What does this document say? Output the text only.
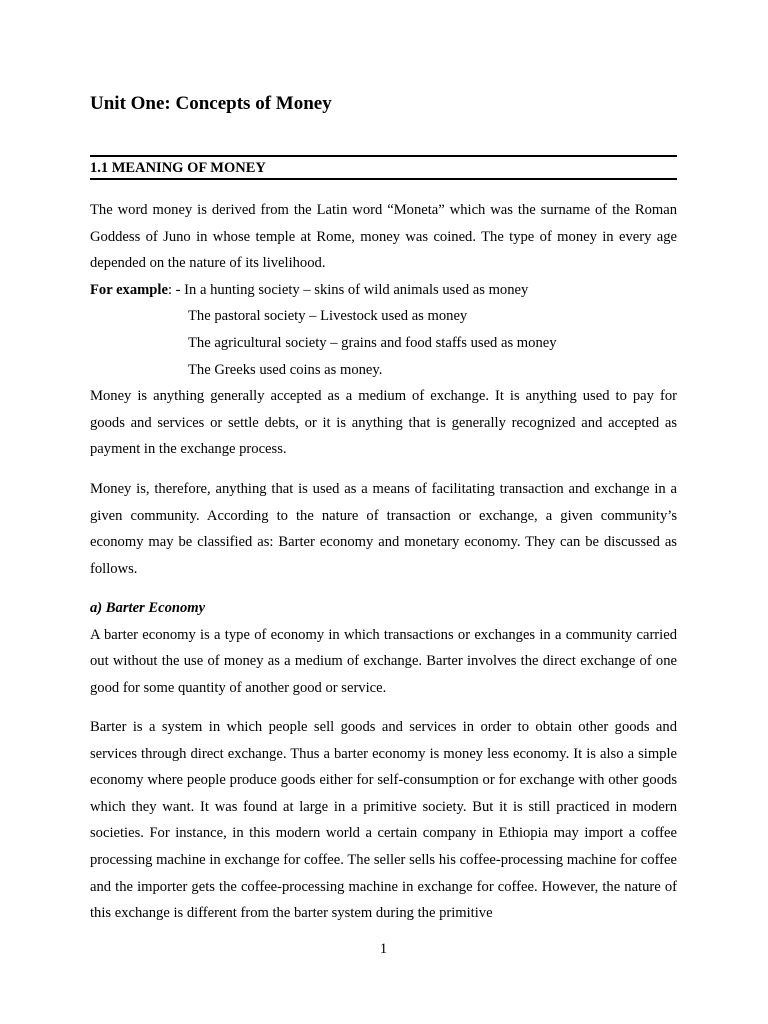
Unit One: Concepts of Money
1.1 MEANING OF MONEY

The word money is derived from the Latin word “Moneta” which was the surname of the Roman Goddess of Juno in whose temple at Rome, money was coined. The type of money in every age depended on the nature of its livelihood.

For example: - In a hunting society – skins of wild animals used as money

The pastoral society – Livestock used as money

The agricultural society – grains and food staffs used as money

The Greeks used coins as money.

Money is anything generally accepted as a medium of exchange. It is anything used to pay for goods and services or settle debts, or it is anything that is generally recognized and accepted as payment in the exchange process.

Money is, therefore, anything that is used as a means of facilitating transaction and exchange in a given community. According to the nature of transaction or exchange, a given community’s economy may be classified as: Barter economy and monetary economy. They can be discussed as follows.

a) Barter Economy

A barter economy is a type of economy in which transactions or exchanges in a community carried out without the use of money as a medium of exchange. Barter involves the direct exchange of one good for some quantity of another good or service.

Barter is a system in which people sell goods and services in order to obtain other goods and services through direct exchange. Thus a barter economy is money less economy. It is also a simple economy where people produce goods either for self-consumption or for exchange with other goods which they want. It was found at large in a primitive society. But it is still practiced in modern societies. For instance, in this modern world a certain company in Ethiopia may import a coffee processing machine in exchange for coffee. The seller sells his coffee-processing machine for coffee and the importer gets the coffee-processing machine in exchange for coffee. However, the nature of this exchange is different from the barter system during the primitive

1
